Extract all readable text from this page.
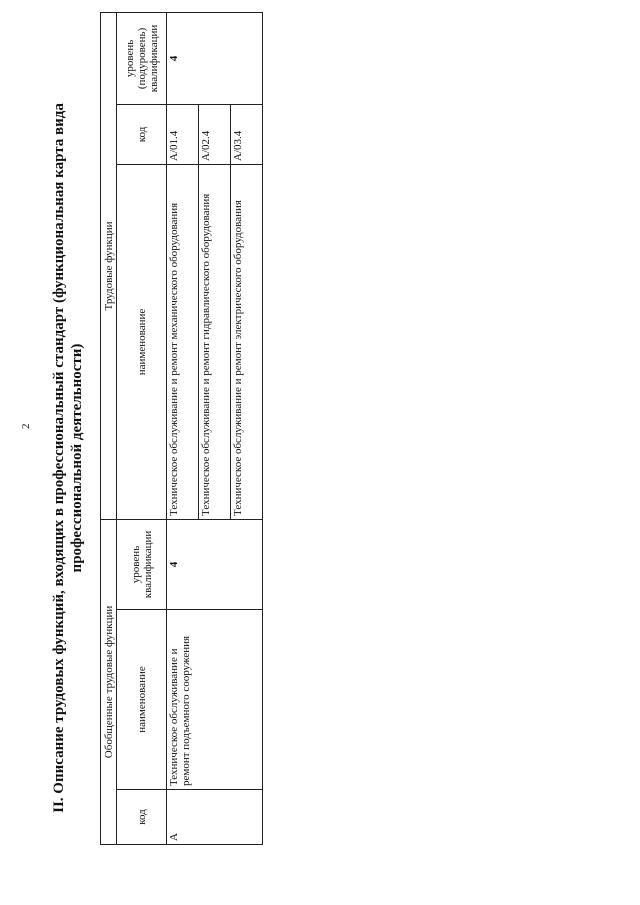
2 II. Описание трудовых функций, входящих в профессиональный стандарт (функциональная карта вида профессиональной деятельности)
Обобщенные трудовые функции			Трудовые функции		
код	наименование	уровень квалификации	наименование	код	уровень (подуровень) квалификации
A	Техническое обслуживание и ремонт подъемного сооружения	4	Техническое обслуживание и ремонт механического оборудования	A/01.4	4
			Техническое обслуживание и ремонт гидравлического оборудования	A/02.4	
			Техническое обслуживание и ремонт электрического оборудования	A/03.4	
